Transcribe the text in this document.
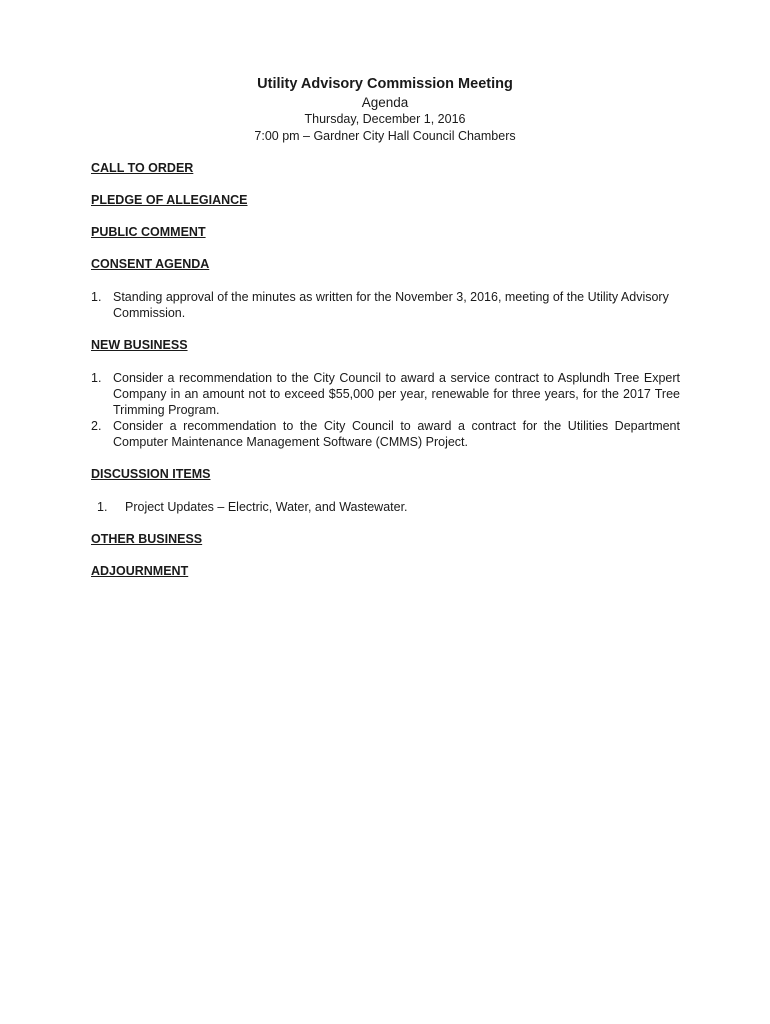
Utility Advisory Commission Meeting
Agenda
Thursday, December 1, 2016
7:00 pm – Gardner City Hall Council Chambers
CALL TO ORDER
PLEDGE OF ALLEGIANCE
PUBLIC COMMENT
CONSENT AGENDA
1. Standing approval of the minutes as written for the November 3, 2016, meeting of the Utility Advisory Commission.
NEW BUSINESS
1. Consider a recommendation to the City Council to award a service contract to Asplundh Tree Expert Company in an amount not to exceed $55,000 per year, renewable for three years, for the 2017 Tree Trimming Program.
2. Consider a recommendation to the City Council to award a contract for the Utilities Department Computer Maintenance Management Software (CMMS) Project.
DISCUSSION ITEMS
1.	Project Updates – Electric, Water, and Wastewater.
OTHER BUSINESS
ADJOURNMENT
